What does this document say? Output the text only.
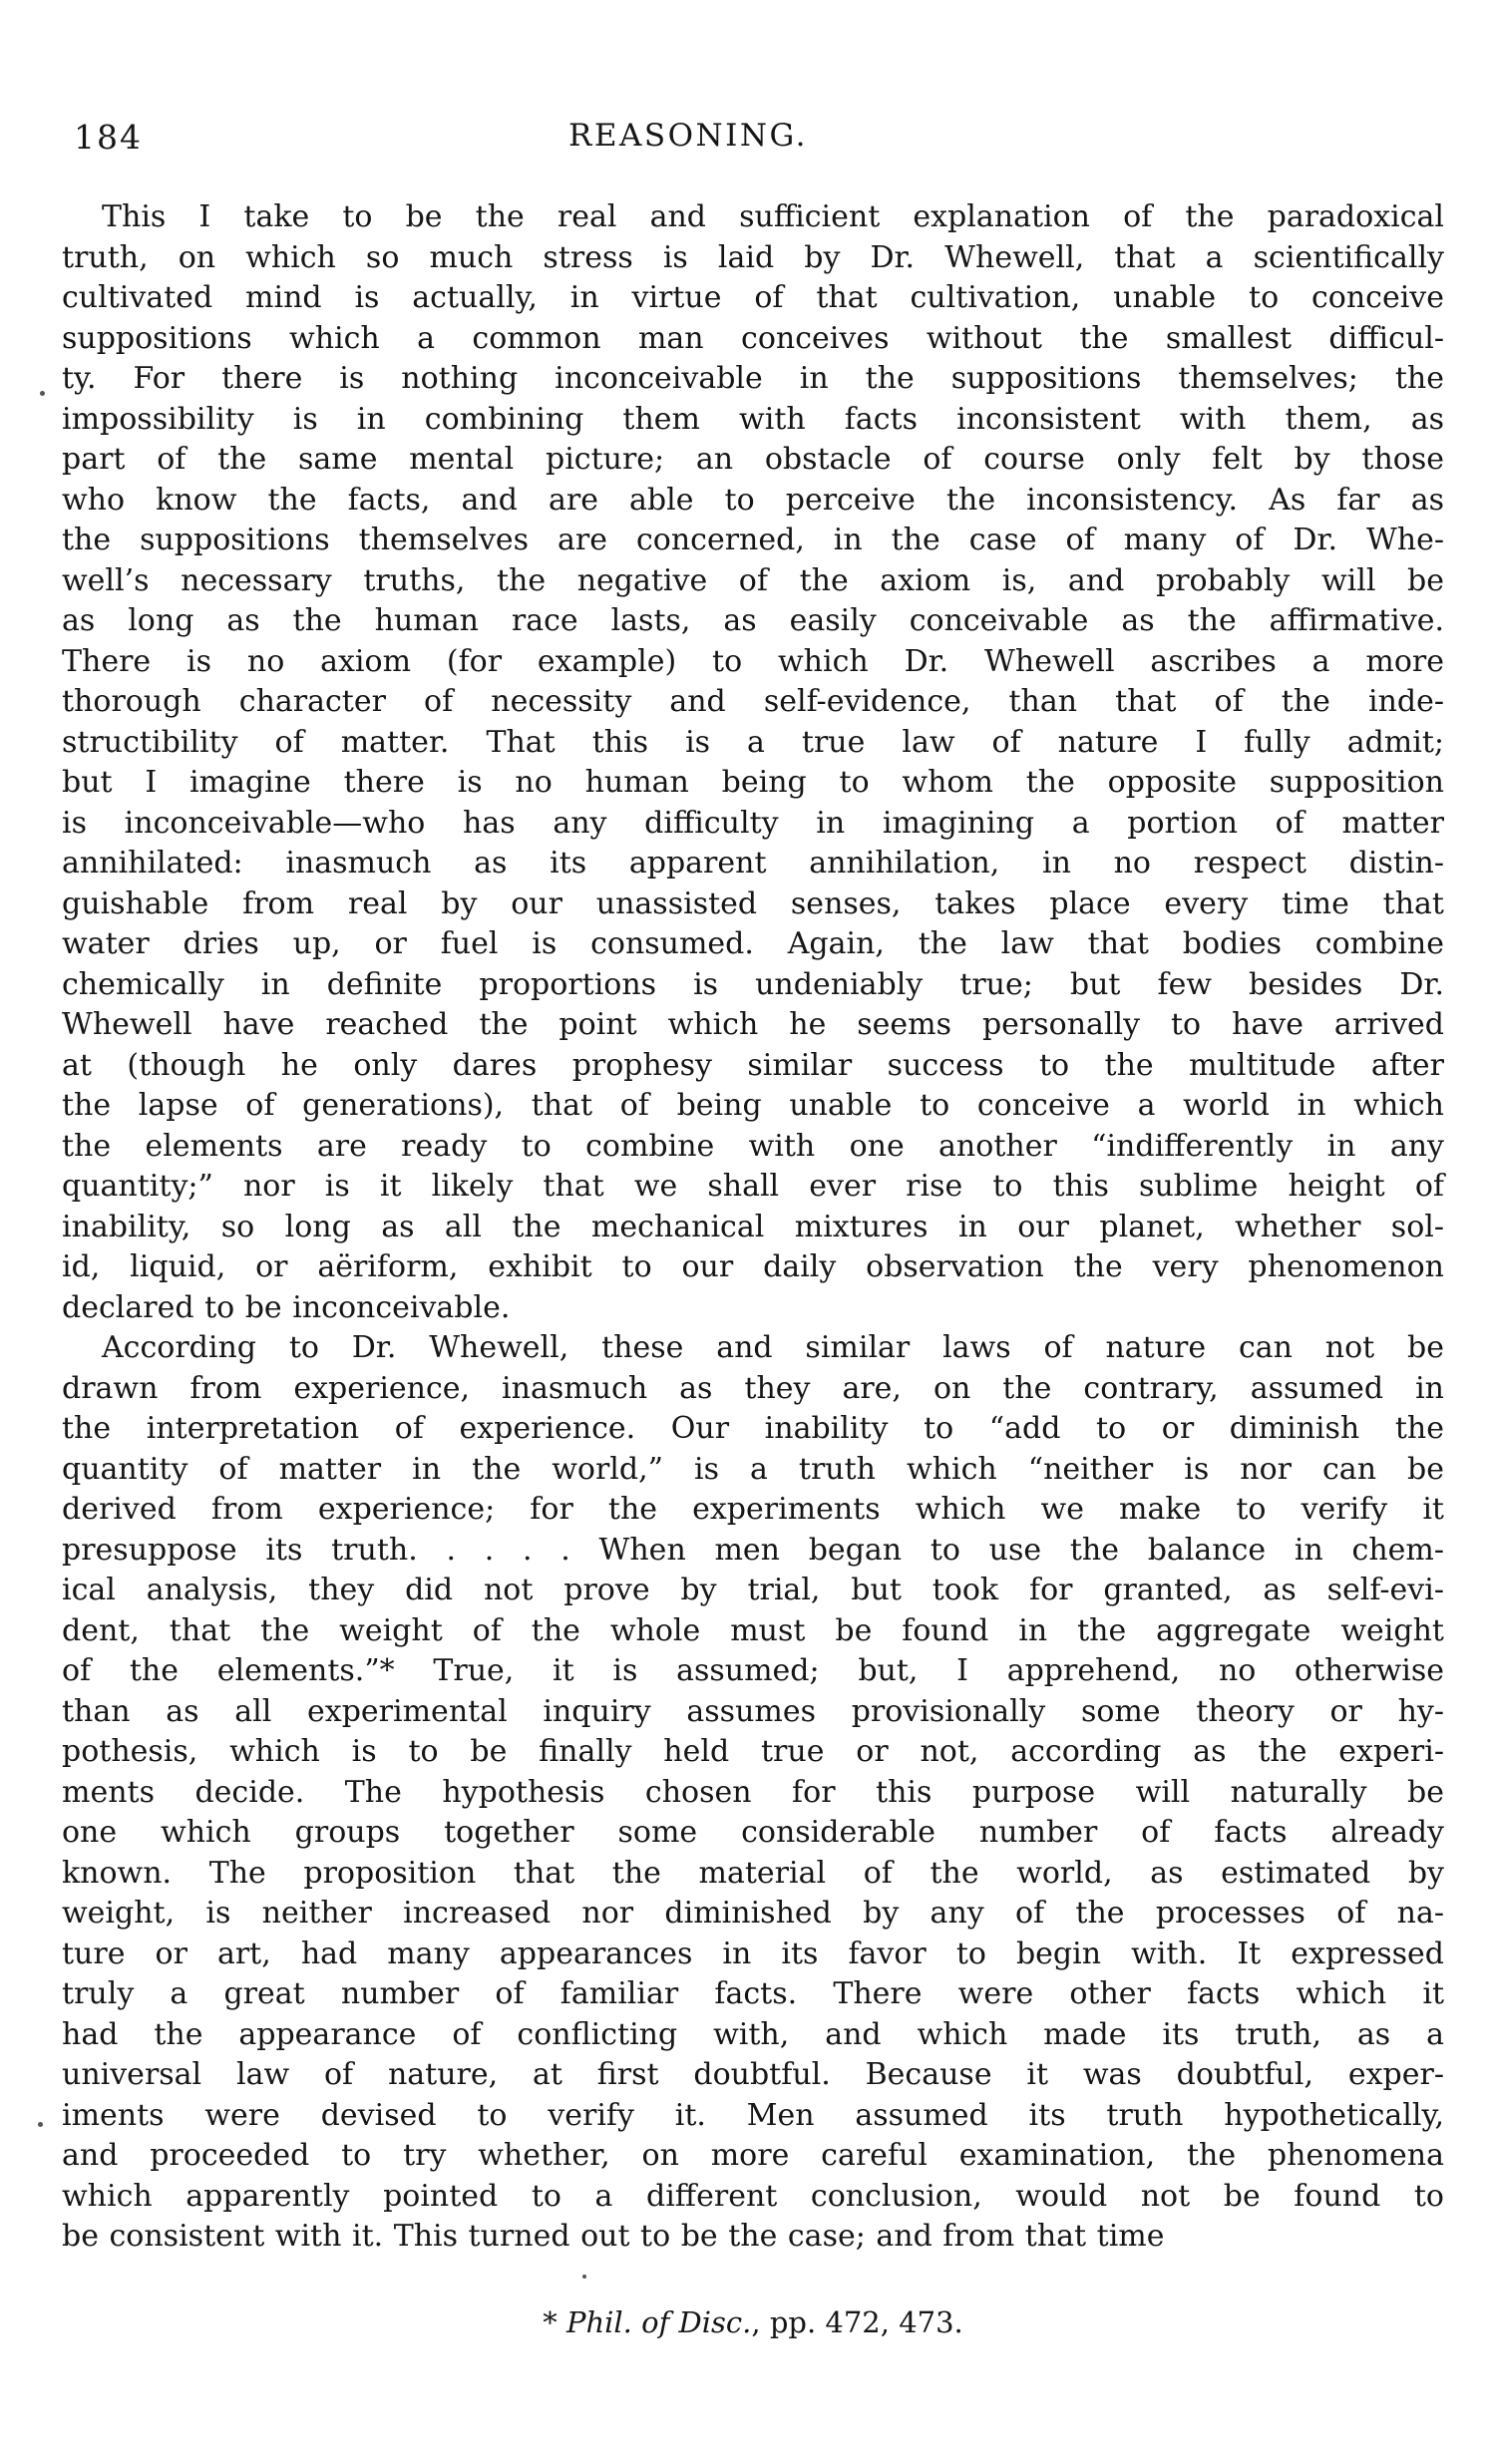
184	REASONING.
This I take to be the real and sufficient explanation of the paradoxical
truth, on which so much stress is laid by Dr. Whewell, that a scientifically
cultivated mind is actually, in virtue of that cultivation, unable to conceive
suppositions which a common man conceives without the smallest difficul-
ty. For there is nothing inconceivable in the suppositions themselves; the
impossibility is in combining them with facts inconsistent with them, as
part of the same mental picture; an obstacle of course only felt by those
who know the facts, and are able to perceive the inconsistency. As far as
the suppositions themselves are concerned, in the case of many of Dr. Whe-
well’s necessary truths, the negative of the axiom is, and probably will be
as long as the human race lasts, as easily conceivable as the affirmative.
There is no axiom (for example) to which Dr. Whewell ascribes a more
thorough character of necessity and self-evidence, than that of the inde-
structibility of matter. That this is a true law of nature I fully admit;
but I imagine there is no human being to whom the opposite supposition
is inconceivable—who has any difficulty in imagining a portion of matter
annihilated: inasmuch as its apparent annihilation, in no respect distin-
guishable from real by our unassisted senses, takes place every time that
water dries up, or fuel is consumed. Again, the law that bodies combine
chemically in definite proportions is undeniably true; but few besides Dr.
Whewell have reached the point which he seems personally to have arrived
at (though he only dares prophesy similar success to the multitude after
the lapse of generations), that of being unable to conceive a world in which
the elements are ready to combine with one another “indifferently in any
quantity;” nor is it likely that we shall ever rise to this sublime height of
inability, so long as all the mechanical mixtures in our planet, whether sol-
id, liquid, or aëriform, exhibit to our daily observation the very phenomenon
declared to be inconceivable.
According to Dr. Whewell, these and similar laws of nature can not be
drawn from experience, inasmuch as they are, on the contrary, assumed in
the interpretation of experience. Our inability to “add to or diminish the
quantity of matter in the world,” is a truth which “neither is nor can be
derived from experience; for the experiments which we make to verify it
presuppose its truth. . . . . When men began to use the balance in chem-
ical analysis, they did not prove by trial, but took for granted, as self-evi-
dent, that the weight of the whole must be found in the aggregate weight
of the elements.”* True, it is assumed; but, I apprehend, no otherwise
than as all experimental inquiry assumes provisionally some theory or hy-
pothesis, which is to be finally held true or not, according as the experi-
ments decide. The hypothesis chosen for this purpose will naturally be
one which groups together some considerable number of facts already
known. The proposition that the material of the world, as estimated by
weight, is neither increased nor diminished by any of the processes of na-
ture or art, had many appearances in its favor to begin with. It expressed
truly a great number of familiar facts. There were other facts which it
had the appearance of conflicting with, and which made its truth, as a
universal law of nature, at first doubtful. Because it was doubtful, exper-
iments were devised to verify it. Men assumed its truth hypothetically,
and proceeded to try whether, on more careful examination, the phenomena
which apparently pointed to a different conclusion, would not be found to
be consistent with it. This turned out to be the case; and from that time
* Phil. of Disc., pp. 472, 473.
